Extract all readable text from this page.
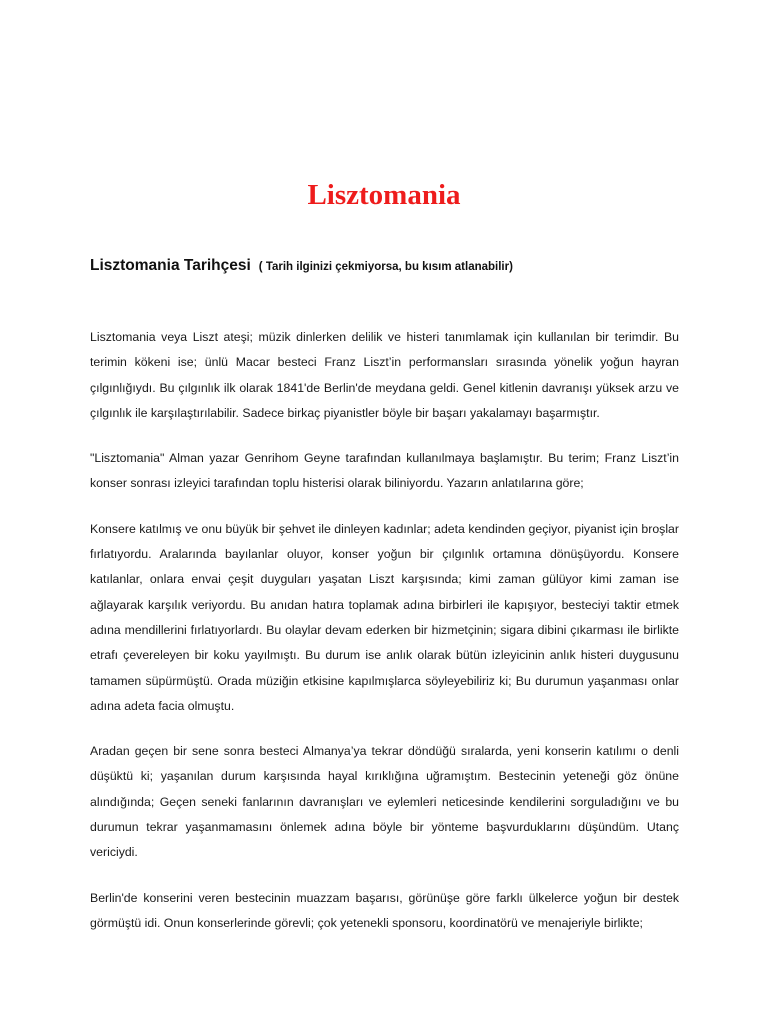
Lisztomania
Lisztomania Tarihçesi ( Tarih ilginizi çekmiyorsa, bu kısım atlanabilir)

Lisztomania veya Liszt ateşi; müzik dinlerken delilik ve histeri tanımlamak için kullanılan bir terimdir. Bu terimin kökeni ise; ünlü Macar besteci Franz Liszt’in performansları sırasında yönelik yoğun hayran çılgınlığıydı. Bu çılgınlık ilk olarak 1841'de Berlin'de meydana geldi. Genel kitlenin davranışı yüksek arzu ve çılgınlık ile karşılaştırılabilir. Sadece birkaç piyanistler böyle bir başarı yakalamayı başarmıştır.

"Lisztomania" Alman yazar Genrihom Geyne tarafından kullanılmaya başlamıştır. Bu terim; Franz Liszt’in konser sonrası izleyici tarafından toplu histerisi olarak biliniyordu. Yazarın anlatılarına göre;

Konsere katılmış ve onu büyük bir şehvet ile dinleyen kadınlar; adeta kendinden geçiyor, piyanist için broşlar fırlatıyordu. Aralarında bayılanlar oluyor, konser yoğun bir çılgınlık ortamına dönüşüyordu. Konsere katılanlar, onlara envai çeşit duyguları yaşatan Liszt karşısında; kimi zaman gülüyor kimi zaman ise ağlayarak karşılık veriyordu. Bu anıdan hatıra toplamak adına birbirleri ile kapışıyor, besteciyi taktir etmek adına mendillerini fırlatıyorlardı. Bu olaylar devam ederken bir hizmetçinin; sigara dibini çıkarması ile birlikte etrafı çevereleyen bir koku yayılmıştı. Bu durum ise anlık olarak bütün izleyicinin anlık histeri duygusunu tamamen süpürmüştü. Orada müziğin etkisine kapılmışlarca söyleyebiliriz ki; Bu durumun yaşanması onlar adına adeta facia olmuştu.

Aradan geçen bir sene sonra besteci Almanya’ya tekrar döndüğü sıralarda, yeni konserin katılımı o denli düşüktü ki; yaşanılan durum karşısında hayal kırıklığına uğramıştım. Bestecinin yeteneği göz önüne alındığında; Geçen seneki fanlarının davranışları ve eylemleri neticesinde kendilerini sorguladığını ve bu durumun tekrar yaşanmamasını önlemek adına böyle bir yönteme başvurduklarını düşündüm. Utanç vericiydi.

Berlin'de konserini veren bestecinin muazzam başarısı, görünüşe göre farklı ülkelerce yoğun bir destek görmüştü idi. Onun konserlerinde görevli; çok yetenekli sponsoru, koordinatörü ve menajeriyle birlikte;
